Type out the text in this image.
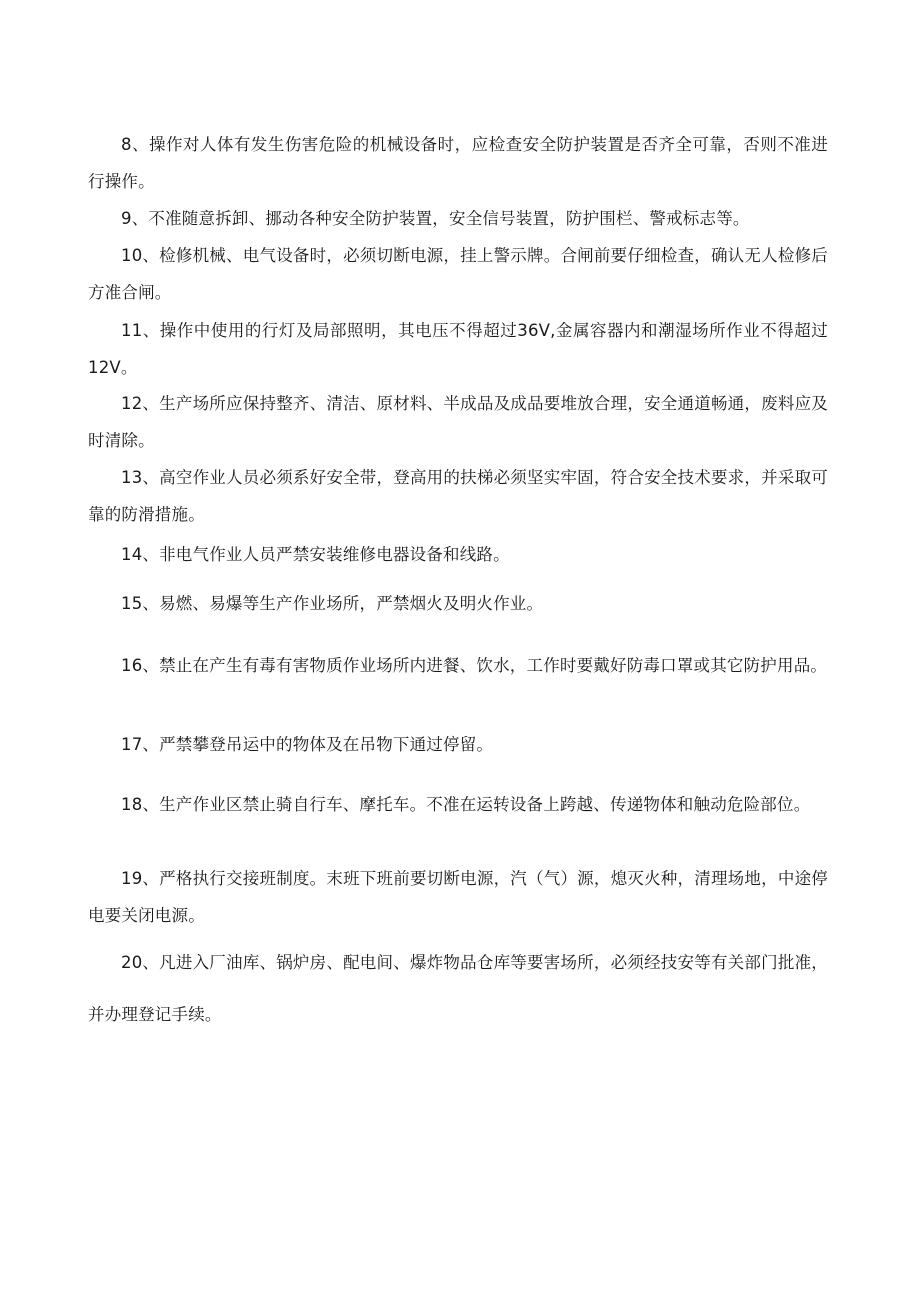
8、操作对人体有发生伤害危险的机械设备时，应检查安全防护装置是否齐全可靠，否则不准进行操作。

9、不准随意拆卸、挪动各种安全防护装置，安全信号装置，防护围栏、警戒标志等。

10、检修机械、电气设备时，必须切断电源，挂上警示牌。合闸前要仔细检查，确认无人检修后方准合闸。

11、操作中使用的行灯及局部照明，其电压不得超过36V,金属容器内和潮湿场所作业不得超过12V。

12、生产场所应保持整齐、清洁、原材料、半成品及成品要堆放合理，安全通道畅通，废料应及时清除。

13、高空作业人员必须系好安全带，登高用的扶梯必须坚实牢固，符合安全技术要求，并采取可靠的防滑措施。

14、非电气作业人员严禁安装维修电器设备和线路。

15、易燃、易爆等生产作业场所，严禁烟火及明火作业。

16、禁止在产生有毒有害物质作业场所内进餐、饮水，工作时要戴好防毒口罩或其它防护用品。

17、严禁攀登吊运中的物体及在吊物下通过停留。

18、生产作业区禁止骑自行车、摩托车。不准在运转设备上跨越、传递物体和触动危险部位。

19、严格执行交接班制度。末班下班前要切断电源，汽（气）源，熄灭火种，清理场地，中途停电要关闭电源。

20、凡进入厂油库、锅炉房、配电间、爆炸物品仓库等要害场所，必须经技安等有关部门批准，并办理登记手续。
